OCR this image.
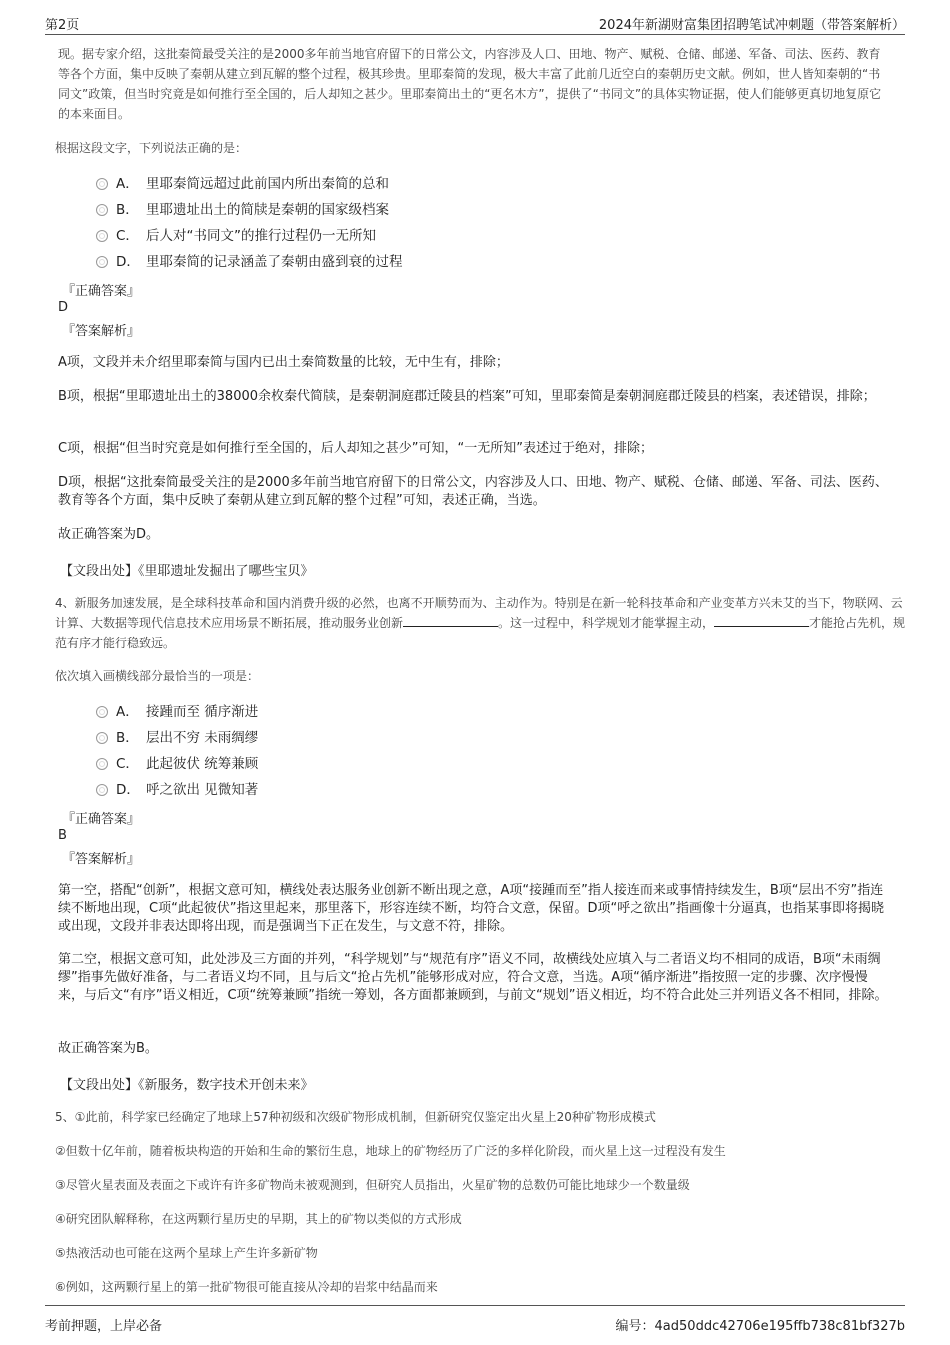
第2页	2024年新湖财富集团招聘笔试冲刺题（带答案解析）
现。据专家介绍，这批秦简最受关注的是2000多年前当地官府留下的日常公文，内容涉及人口、田地、物产、赋税、仓储、邮递、军备、司法、医药、教育等各个方面，集中反映了秦朝从建立到瓦解的整个过程，极其珍贵。里耶秦简的发现，极大丰富了此前几近空白的秦朝历史文献。例如，世人皆知秦朝的“书同文”政策，但当时究竟是如何推行至全国的，后人却知之甚少。里耶秦简出土的“更名木方”，提供了“书同文”的具体实物证据，使人们能够更真切地复原它的本来面目。
根据这段文字，下列说法正确的是：
A． 里耶秦简远超过此前国内所出秦简的总和
B． 里耶遗址出土的简牍是秦朝的国家级档案
C． 后人对“书同文”的推行过程仍一无所知
D． 里耶秦简的记录涵盖了秦朝由盛到衰的过程
『正确答案』
D
『答案解析』
A项，文段并未介绍里耶秦简与国内已出土秦简数量的比较，无中生有，排除；
B项，根据“里耶遗址出土的38000余枚秦代简牍，是秦朝洞庭郡迁陵县的档案”可知，里耶秦简是秦朝洞庭郡迁陵县的档案，表述错误，排除；
C项，根据“但当时究竟是如何推行至全国的，后人却知之甚少”可知，“一无所知”表述过于绝对，排除；
D项，根据“这批秦简最受关注的是2000多年前当地官府留下的日常公文，内容涉及人口、田地、物产、赋税、仓储、邮递、军备、司法、医药、教育等各个方面，集中反映了秦朝从建立到瓦解的整个过程”可知，表述正确，当选。
故正确答案为D。
【文段出处】《里耶遗址发掘出了哪些宝贝》
4、新服务加速发展，是全球科技革命和国内消费升级的必然，也离不开顺势而为、主动作为。特别是在新一轮科技革命和产业变革方兴未艾的当下，物联网、云计算、大数据等现代信息技术应用场景不断拓展，推动服务业创新	。这一过程中，科学规划才能掌握主动，	才能抢占先机，规范有序才能行稳致远。
依次填入画横线部分最恰当的一项是：
A． 接踵而至 循序渐进
B． 层出不穷 未雨绸缪
C． 此起彼伏 统筹兼顾
D． 呼之欲出 见微知著
『正确答案』
B
『答案解析』
第一空，搭配“创新”，根据文意可知，横线处表达服务业创新不断出现之意，A项“接踵而至”指人接连而来或事情持续发生，B项“层出不穷”指连续不断地出现，C项“此起彼伏”指这里起来，那里落下，形容连续不断，均符合文意，保留。D项“呼之欲出”指画像十分逼真，也指某事即将揭晓或出现，文段并非表达即将出现，而是强调当下正在发生，与文意不符，排除。
第二空，根据文意可知，此处涉及三方面的并列，“科学规划”与“规范有序”语义不同，故横线处应填入与二者语义均不相同的成语，B项“未雨绸缪”指事先做好准备，与二者语义均不同，且与后文“抢占先机”能够形成对应，符合文意，当选。A项“循序渐进”指按照一定的步骤、次序慢慢来，与后文“有序”语义相近，C项“统筹兼顾”指统一筹划，各方面都兼顾到，与前文“规划”语义相近，均不符合此处三并列语义各不相同，排除。
故正确答案为B。
【文段出处】《新服务，数字技术开创未来》
5、①此前，科学家已经确定了地球上57种初级和次级矿物形成机制，但新研究仅鉴定出火星上20种矿物形成模式
②但数十亿年前，随着板块构造的开始和生命的繁衍生息，地球上的矿物经历了广泛的多样化阶段，而火星上这一过程没有发生
③尽管火星表面及表面之下或许有许多矿物尚未被观测到，但研究人员指出，火星矿物的总数仍可能比地球少一个数量级
④研究团队解释称，在这两颗行星历史的早期，其上的矿物以类似的方式形成
⑤热液活动也可能在这两个星球上产生许多新矿物
⑥例如，这两颗行星上的第一批矿物很可能直接从冷却的岩浆中结晶而来
考前押题，上岸必备	编号：4ad50ddc42706e195ffb738c81bf327b
